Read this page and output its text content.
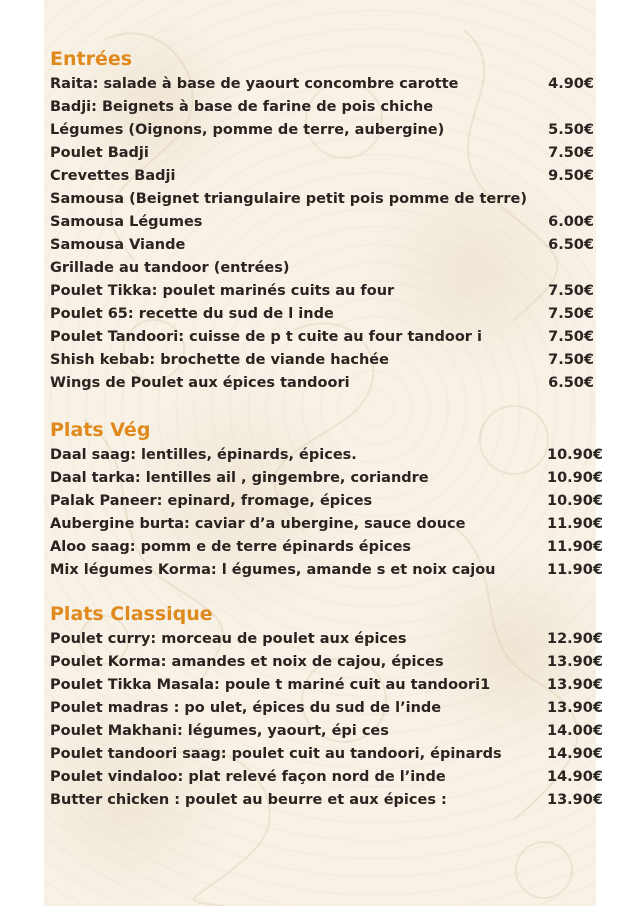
Entrées
Raita: salade à base de yaourt concombre carotte	4.90€
Badji: Beignets à base de farine de pois chiche
Légumes (Oignons, pomme de terre, aubergine)	5.50€
Poulet Badji	7.50€
Crevettes Badji	9.50€
Samousa (Beignet triangulaire petit pois pomme de terre)
Samousa Légumes	6.00€
Samousa Viande	6.50€
Grillade au tandoor (entrées)
Poulet Tikka: poulet marinés cuits au four	7.50€
Poulet 65: recette du sud de l inde	7.50€
Poulet Tandoori: cuisse de p t cuite au four tandoor i	7.50€
Shish kebab: brochette de viande hachée	7.50€
Wings de Poulet aux épices tandoori	6.50€
Plats Vég
Daal saag: lentilles, épinards, épices.	10.90€
Daal tarka: lentilles ail , gingembre, coriandre	10.90€
Palak Paneer: epinard, fromage, épices	10.90€
Aubergine burta: caviar d’a ubergine, sauce douce	11.90€
Aloo saag: pomm e de terre épinards épices	11.90€
Mix légumes Korma: l égumes, amande s et noix cajou	11.90€
Plats Classique
Poulet curry: morceau de poulet aux épices	12.90€
Poulet Korma: amandes et noix de cajou, épices	13.90€
Poulet Tikka Masala: poule t mariné cuit au tandoori1	13.90€
Poulet madras : po ulet, épices du sud de l’inde	13.90€
Poulet Makhani: légumes, yaourt, épi ces	14.00€
Poulet tandoori saag: poulet cuit au tandoori, épinards	14.90€
Poulet vindaloo: plat relevé façon nord de l’inde	14.90€
Butter chicken : poulet au beurre et aux épices :	13.90€
